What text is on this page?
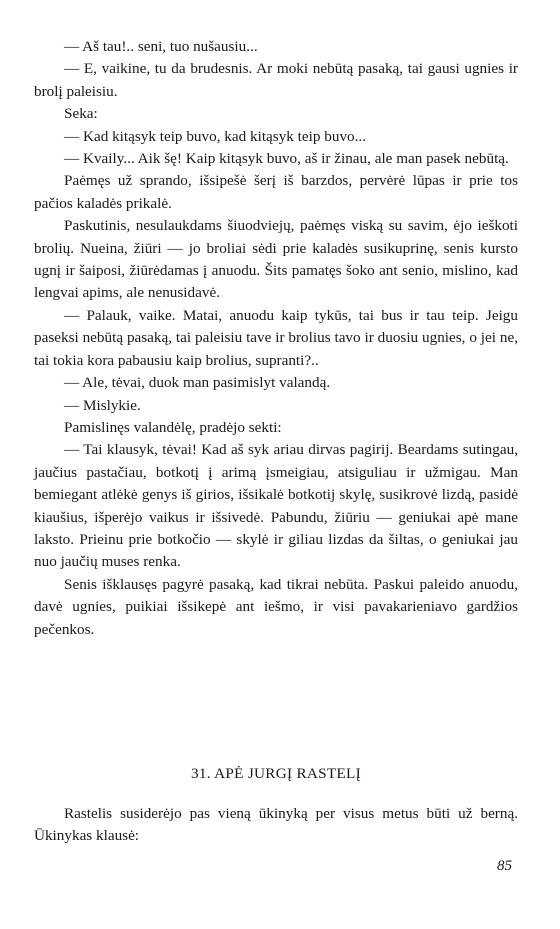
— Aš tau!.. seni, tuo nušausiu...

— E, vaikine, tu da brudesnis. Ar moki nebūtą pasaką, tai gausi ugnies ir brolį paleisiu.

Seka:

— Kad kitąsyk teip buvo, kad kitąsyk teip buvo...

— Kvaily... Aik šę! Kaip kitąsyk buvo, aš ir žinau, ale man pasek nebūtą.

Paėmęs už sprando, išsipešė šerį iš barzdos, pervėrė lūpas ir prie tos pačios kaladės prikalė.

Paskutinis, nesulaukdams šiuodviejų, paėmęs viską su savim, ėjo ieškoti brolių. Nueina, žiūri — jo broliai sėdi prie kaladės susikuprinę, senis kursto ugnį ir šaiposi, žiūrėdamas į anuodu. Šits pamatęs šoko ant senio, mislino, kad lengvai apims, ale nenusidavė.

— Palauk, vaike. Matai, anuodu kaip tykūs, tai bus ir tau teip. Jeigu paseksi nebūtą pasaką, tai paleisiu tave ir brolius tavo ir duosiu ugnies, o jei ne, tai tokia kora pabausiu kaip brolius, supranti?..

— Ale, tėvai, duok man pasimislyt valandą.

— Mislykie.

Pamislinęs valandėlę, pradėjo sekti:

— Tai klausyk, tėvai! Kad aš syk ariau dirvas pagirij. Beardams sutingau, jaučius pastačiau, botkotį į arimą įsmeigiau, atsiguliau ir užmigau. Man bemiegant atlėkė genys iš girios, išsikalė botkotij skylę, susikrovė lizdą, pasidė kiaušius, išperėjo vaikus ir išsivedė. Pabundu, žiūriu — geniukai apė mane laksto. Prieinu prie botkočio — skylė ir giliau lizdas da šiltas, o geniukai jau nuo jaučių muses renka.

Senis išklausęs pagyrė pasaką, kad tikrai nebūta. Paskui paleido anuodu, davė ugnies, puikiai išsikepė ant iešmo, ir visi pavakarieniavo gardžios pečenkos.

31. APĖ JURGĮ RASTELĮ

Rastelis susiderėjo pas vieną ūkinyką per visus metus būti už berną. Ūkinykas klausė:

85
